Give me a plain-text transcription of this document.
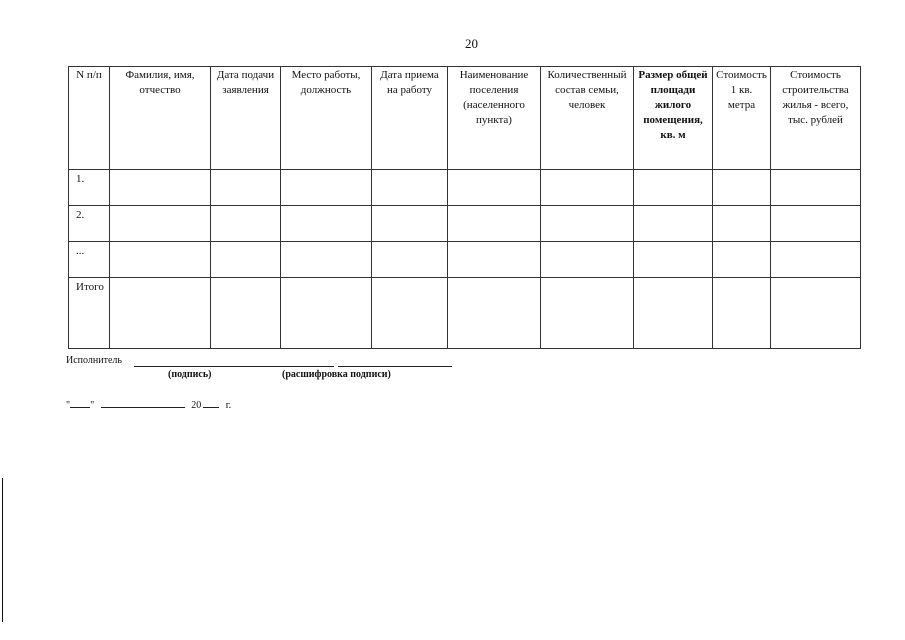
20
N п/п	Фамилия, имя, отчество	Дата подачи заявления	Место работы, должность	Дата приема на работу	Наименование поселения (населенного пункта)	Количественный состав семьи, человек	Размер общей площади жилого помещения, кв. м	Стоимость 1 кв. метра	Стоимость строительства жилья - всего, тыс. рублей
1.									
2.									
...									
Итого									
Исполнитель
(подпись)	(расшифровка подписи)
" "	20 г.
